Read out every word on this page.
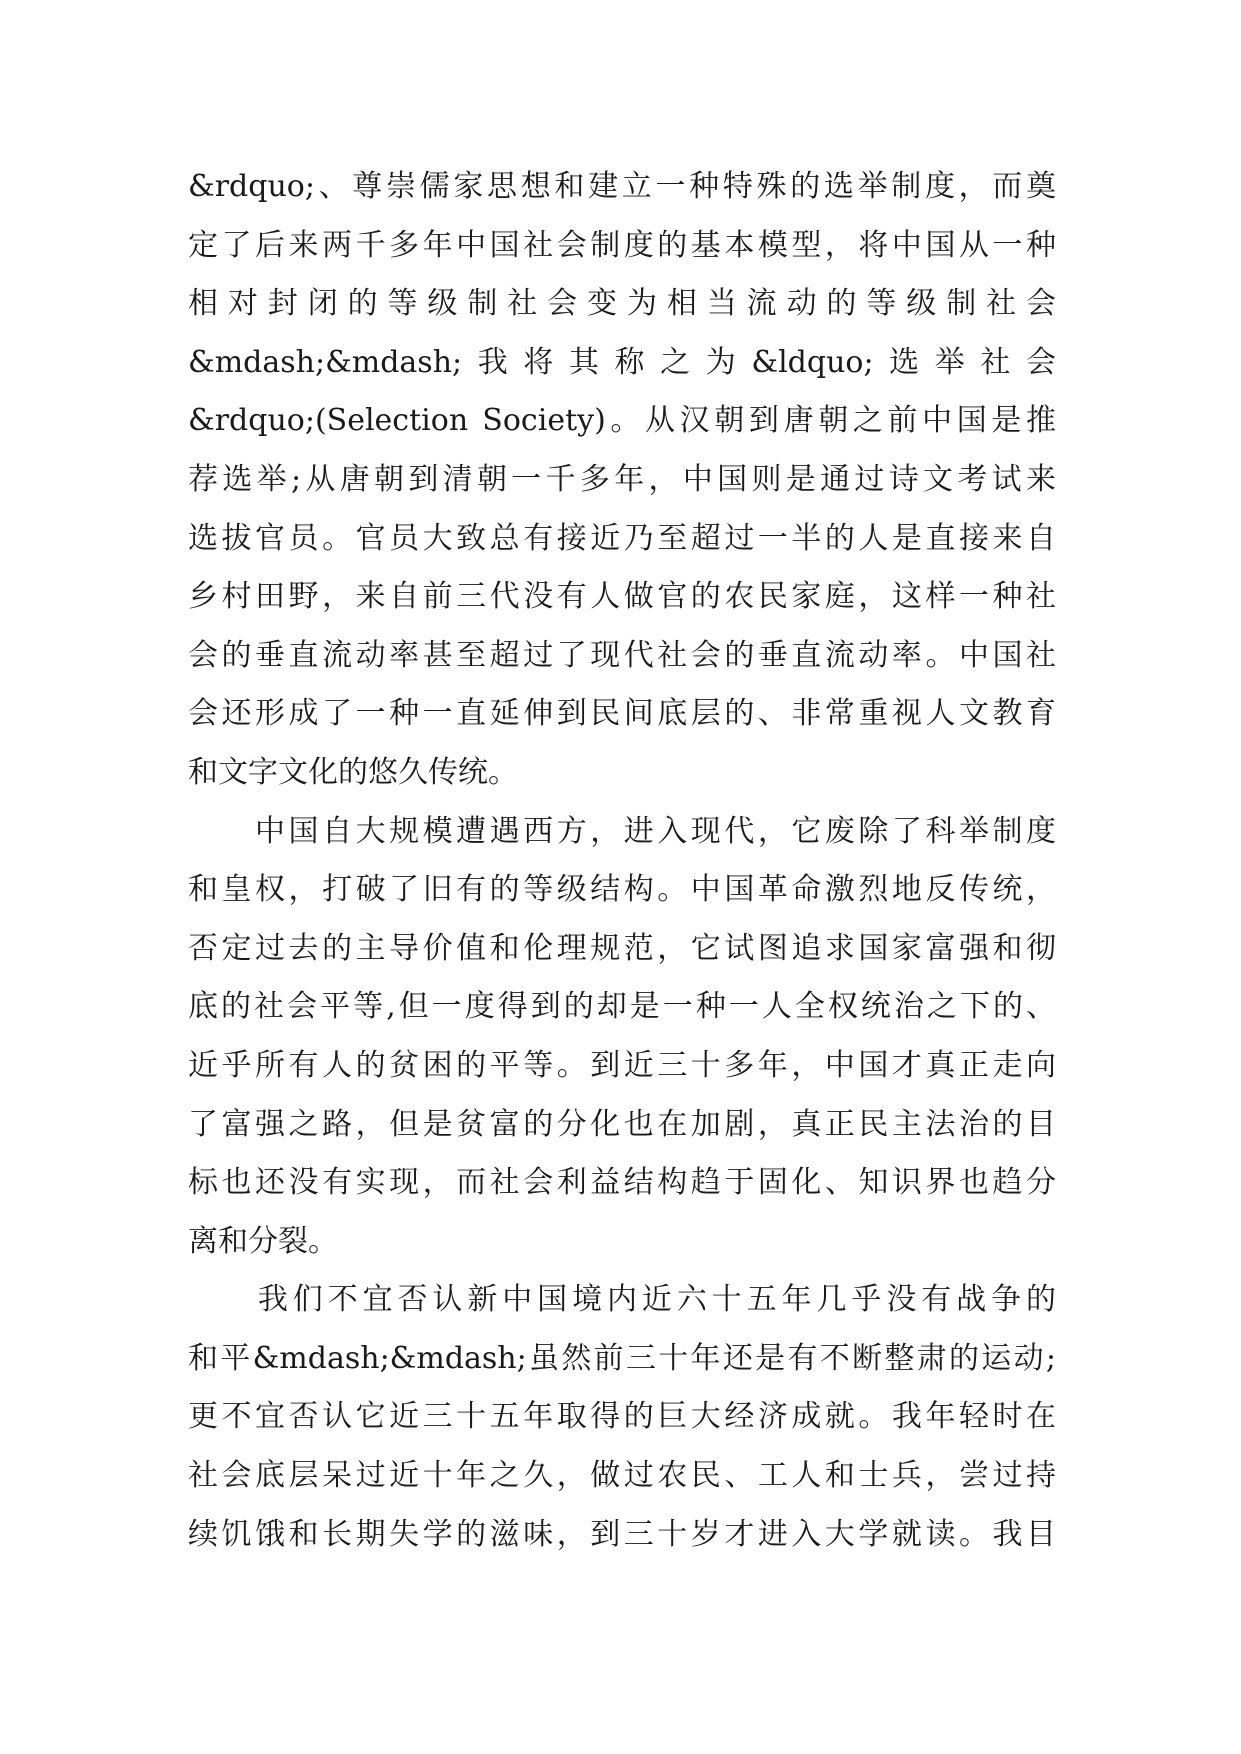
&rdquo;、尊崇儒家思想和建立一种特殊的选举制度，而奠
定了后来两千多年中国社会制度的基本模型，将中国从一种
相对封闭的等级制社会变为相当流动的等级制社会
&mdash;&mdash;我将其称之为&ldquo;选举社会
&rdquo;(Selection Society)。从汉朝到唐朝之前中国是推
荐选举;从唐朝到清朝一千多年，中国则是通过诗文考试来
选拔官员。官员大致总有接近乃至超过一半的人是直接来自
乡村田野，来自前三代没有人做官的农民家庭，这样一种社
会的垂直流动率甚至超过了现代社会的垂直流动率。中国社
会还形成了一种一直延伸到民间底层的、非常重视人文教育
和文字文化的悠久传统。
　　中国自大规模遭遇西方，进入现代，它废除了科举制度
和皇权，打破了旧有的等级结构。中国革命激烈地反传统，
否定过去的主导价值和伦理规范，它试图追求国家富强和彻
底的社会平等,但一度得到的却是一种一人全权统治之下的、
近乎所有人的贫困的平等。到近三十多年，中国才真正走向
了富强之路，但是贫富的分化也在加剧，真正民主法治的目
标也还没有实现，而社会利益结构趋于固化、知识界也趋分
离和分裂。
　　我们不宜否认新中国境内近六十五年几乎没有战争的
和平&mdash;&mdash;虽然前三十年还是有不断整肃的运动;
更不宜否认它近三十五年取得的巨大经济成就。我年轻时在
社会底层呆过近十年之久，做过农民、工人和士兵，尝过持
续饥饿和长期失学的滋味，到三十岁才进入大学就读。我目
